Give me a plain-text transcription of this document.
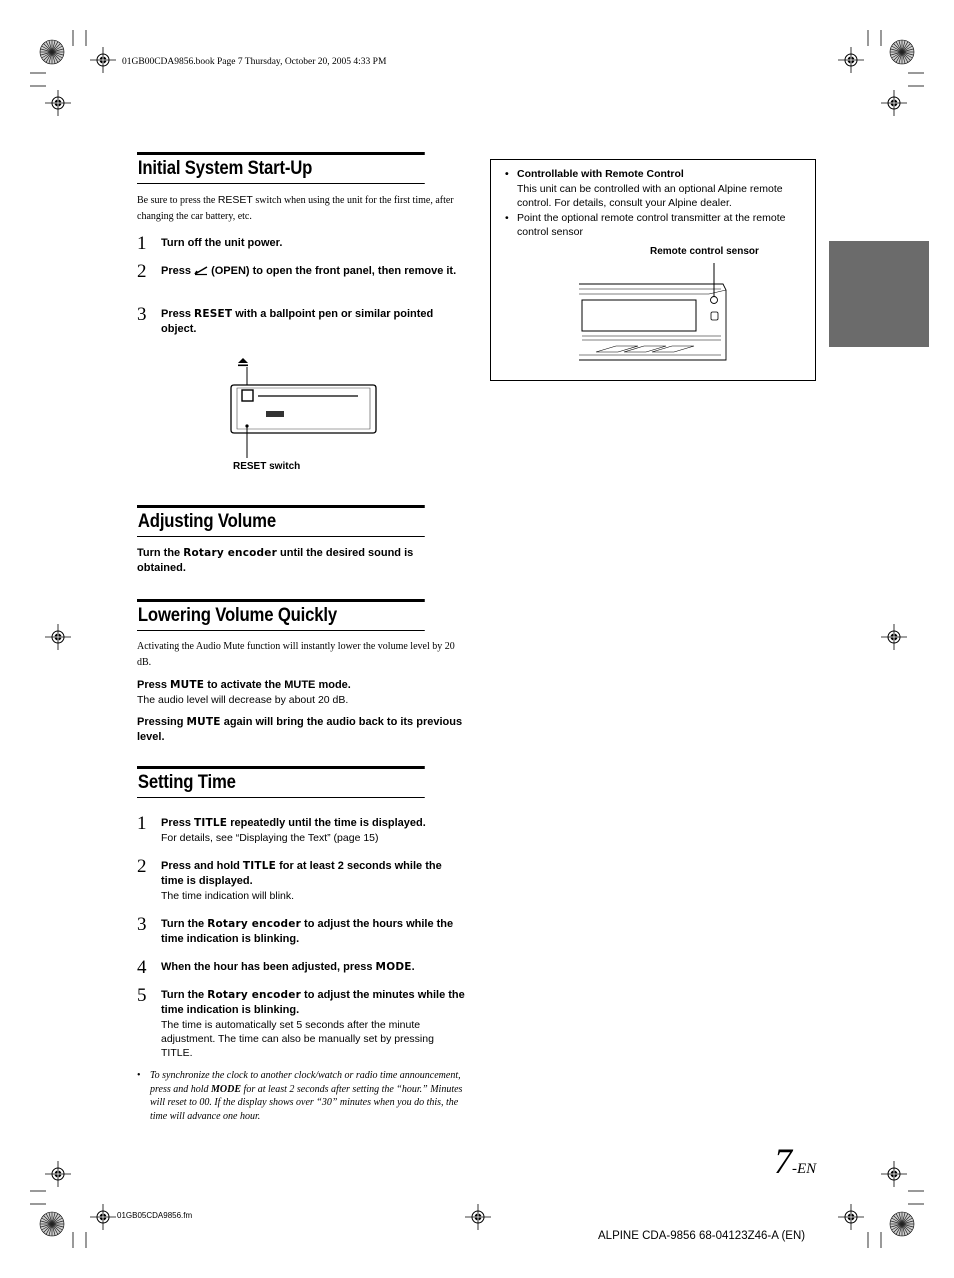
01GB00CDA9856.book Page 7 Thursday, October 20, 2005 4:33 PM
Initial System Start-Up
Be sure to press the RESET switch when using the unit for the first time, after changing the car battery, etc.
1 Turn off the unit power.
2 Press  (OPEN) to open the front panel, then remove it.
3 Press RESET with a ballpoint pen or similar pointed object.
RESET switch
• Controllable with Remote Control
This unit can be controlled with an optional Alpine remote control. For details, consult your Alpine dealer.
• Point the optional remote control transmitter at the remote control sensor
Remote control sensor
Adjusting Volume
Turn the Rotary encoder until the desired sound is obtained.
Lowering Volume Quickly
Activating the Audio Mute function will instantly lower the volume level by 20 dB.
Press MUTE to activate the MUTE mode.
The audio level will decrease by about 20 dB.
Pressing MUTE again will bring the audio back to its previous level.
Setting Time
1 Press TITLE repeatedly until the time is displayed.
For details, see “Displaying the Text” (page 15)
2 Press and hold TITLE for at least 2 seconds while the time is displayed.
The time indication will blink.
3 Turn the Rotary encoder to adjust the hours while the time indication is blinking.
4 When the hour has been adjusted, press MODE.
5 Turn the Rotary encoder to adjust the minutes while the time indication is blinking.
The time is automatically set 5 seconds after the minute adjustment. The time can also be manually set by pressing TITLE.
• To synchronize the clock to another clock/watch or radio time announcement, press and hold MODE for at least 2 seconds after setting the “hour.” Minutes will reset to 00. If the display shows over “30” minutes when you do this, the time will advance one hour.
7-EN
01GB05CDA9856.fm
ALPINE CDA-9856 68-04123Z46-A (EN)
